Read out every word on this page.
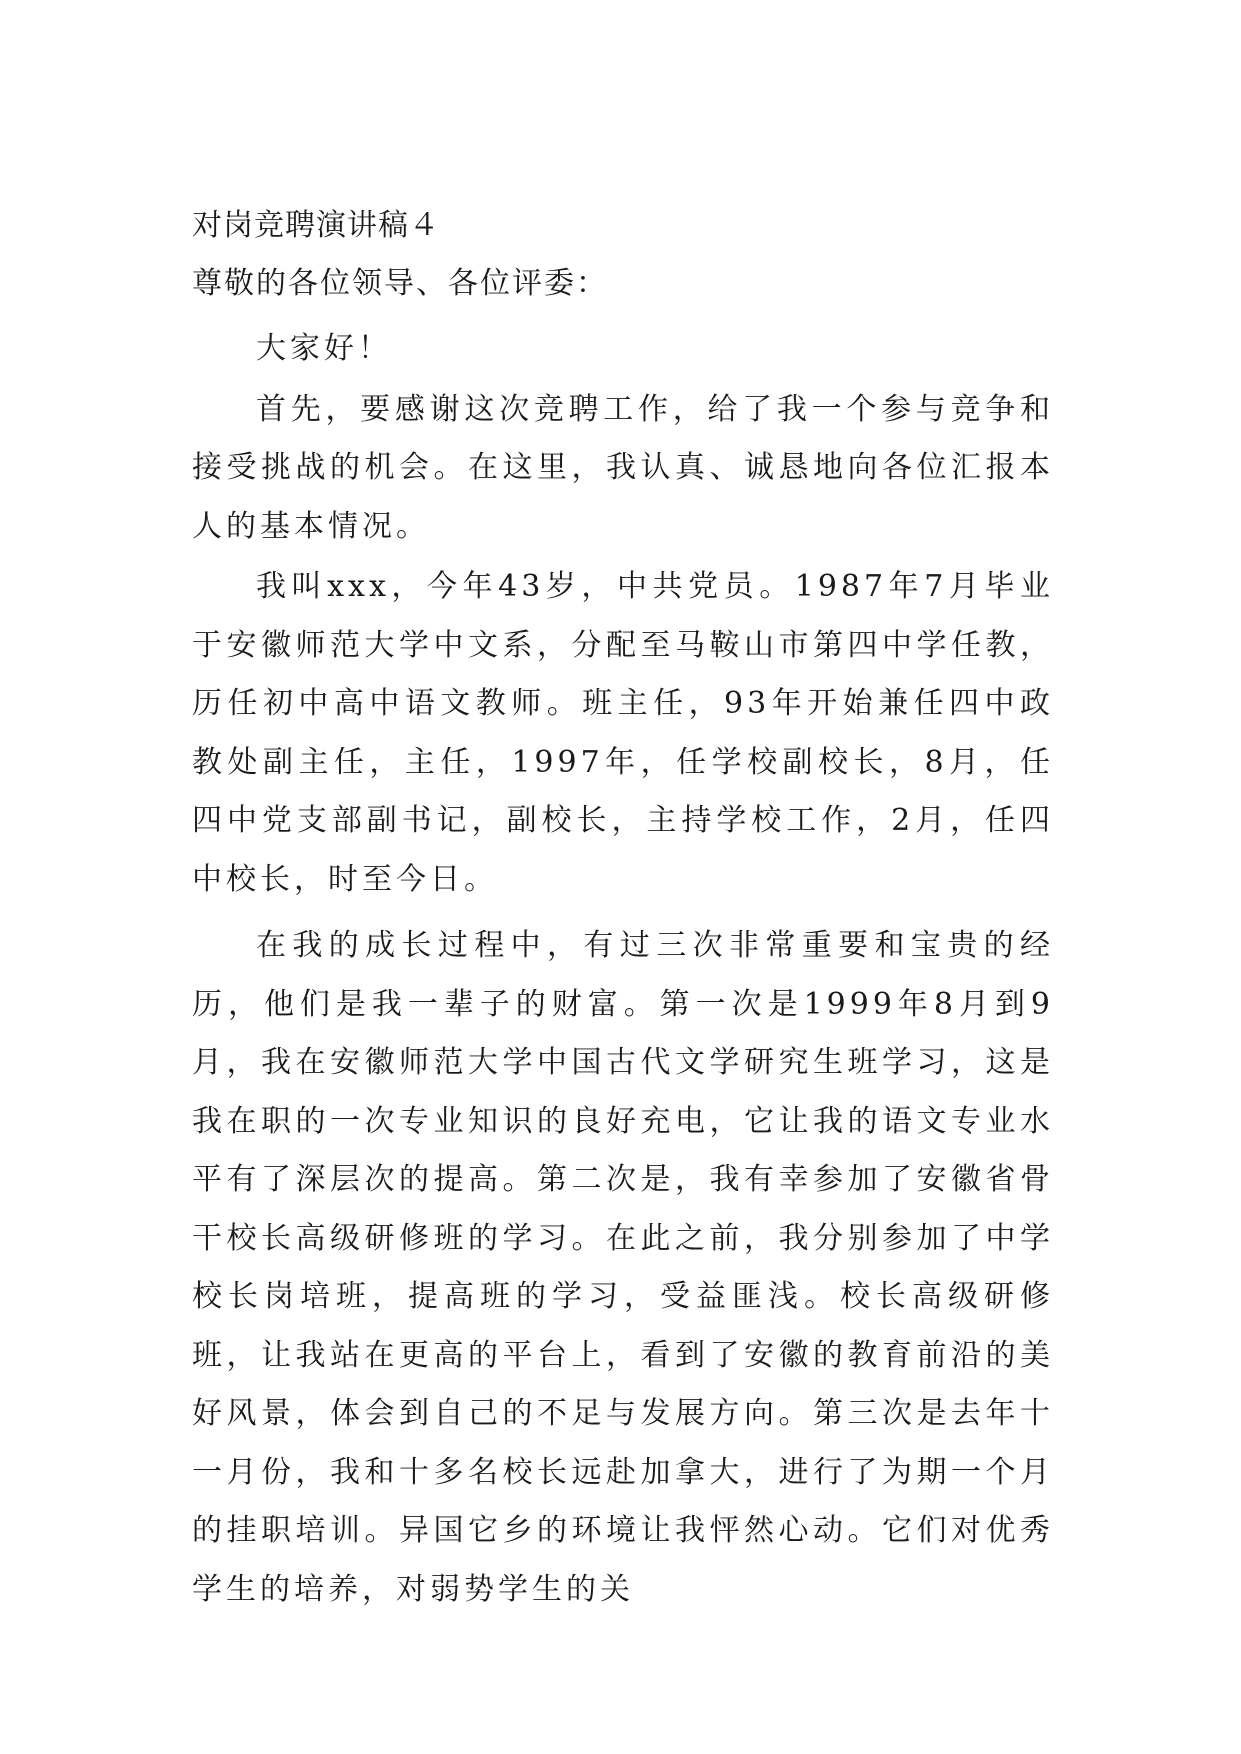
对岗竞聘演讲稿４
尊敬的各位领导、各位评委：

大家好！

首先，要感谢这次竞聘工作，给了我一个参与竞争和接受挑战的机会。在这里，我认真、诚恳地向各位汇报本人的基本情况。

我叫xxx，今年43岁，中共党员。1987年7月毕业于安徽师范大学中文系，分配至马鞍山市第四中学任教，历任初中高中语文教师。班主任，93年开始兼任四中政教处副主任，主任，1997年，任学校副校长，8月，任四中党支部副书记，副校长，主持学校工作，2月，任四中校长，时至今日。

在我的成长过程中，有过三次非常重要和宝贵的经历，他们是我一辈子的财富。第一次是1999年8月到9月，我在安徽师范大学中国古代文学研究生班学习，这是我在职的一次专业知识的良好充电，它让我的语文专业水平有了深层次的提高。第二次是，我有幸参加了安徽省骨干校长高级研修班的学习。在此之前，我分别参加了中学校长岗培班，提高班的学习，受益匪浅。校长高级研修班，让我站在更高的平台上，看到了安徽的教育前沿的美好风景，体会到自己的不足与发展方向。第三次是去年十一月份，我和十多名校长远赴加拿大，进行了为期一个月的挂职培训。异国它乡的环境让我怦然心动。它们对优秀学生的培养，对弱势学生的关
